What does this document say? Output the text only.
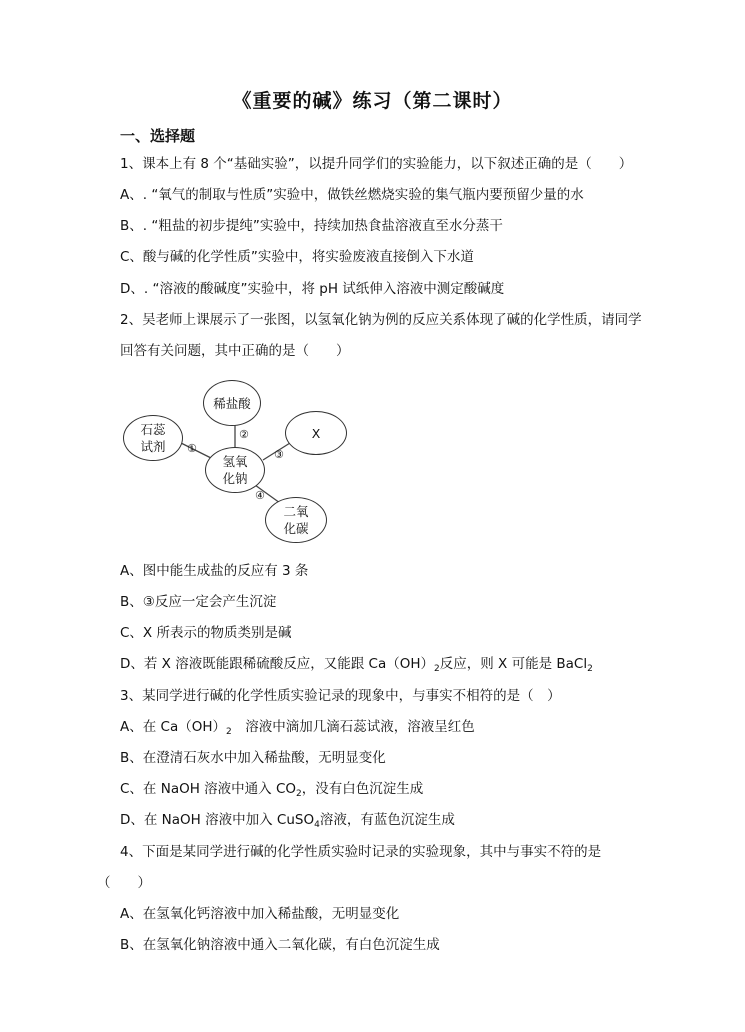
《重要的碱》练习（第二课时）
一、选择题
1、课本上有 8 个“基础实验”，以提升同学们的实验能力，以下叙述正确的是（　　）
A、. “氧气的制取与性质”实验中，做铁丝燃烧实验的集气瓶内要预留少量的水
B、. “粗盐的初步提纯”实验中，持续加热食盐溶液直至水分蒸干
C、酸与碱的化学性质”实验中，将实验废液直接倒入下水道
D、. “溶液的酸碱度”实验中，将 pH 试纸伸入溶液中测定酸碱度
2、吴老师上课展示了一张图，以氢氧化钠为例的反应关系体现了碱的化学性质，请同学
回答有关问题，其中正确的是（　　）
稀盐酸
石蕊
试剂
X
氢氧
化钠
二氧
化碳
①
②
③
④
A、图中能生成盐的反应有 3 条
B、③反应一定会产生沉淀
C、X 所表示的物质类别是碱
D、若 X 溶液既能跟稀硫酸反应，又能跟 $Ca(OH)_2$反应，则 X 可能是 BaCl$_2$
3、某同学进行碱的化学性质实验记录的现象中，与事实不相符的是（　）
A、在 $Ca(OH)_2$　溶液中滴加几滴石蕊试液，溶液呈红色
B、在澄清石灰水中加入稀盐酸，无明显变化
C、在 NaOH 溶液中通入 $CO_2$，没有白色沉淀生成
D、在 NaOH 溶液中加入 CuSO$_4$溶液，有蓝色沉淀生成
4、下面是某同学进行碱的化学性质实验时记录的实验现象，其中与事实不符的是
（　　）
A、在氢氧化钙溶液中加入稀盐酸，无明显变化
B、在氢氧化钠溶液中通入二氧化碳，有白色沉淀生成
